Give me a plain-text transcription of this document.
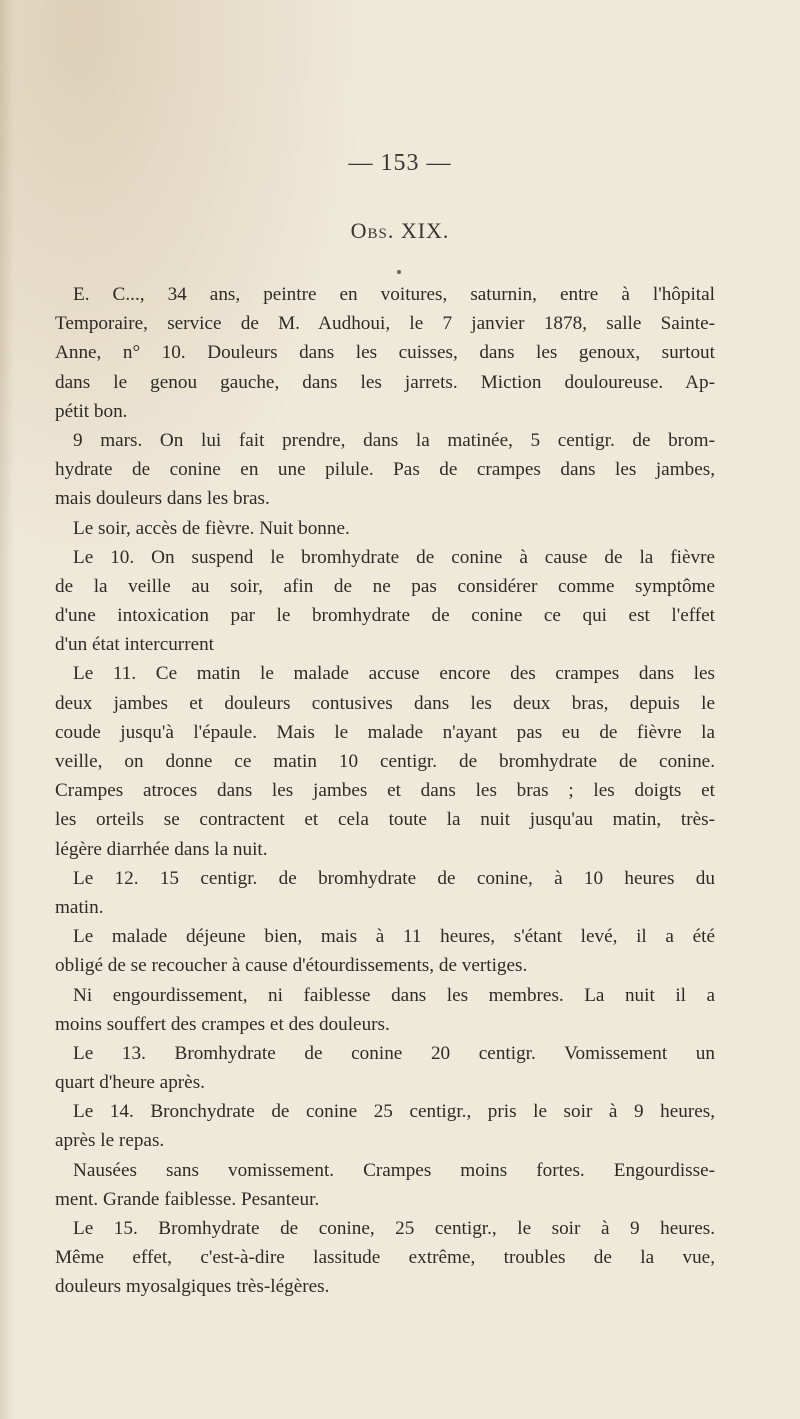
— 153 —
Obs. XIX.
E. C..., 34 ans, peintre en voitures, saturnin, entre à l'hôpital
Temporaire, service de M. Audhoui, le 7 janvier 1878, salle Sainte-
Anne, n° 10. Douleurs dans les cuisses, dans les genoux, surtout
dans le genou gauche, dans les jarrets. Miction douloureuse. Ap-
pétit bon.
9 mars. On lui fait prendre, dans la matinée, 5 centigr. de brom-
hydrate de conine en une pilule. Pas de crampes dans les jambes,
mais douleurs dans les bras.
Le soir, accès de fièvre. Nuit bonne.
Le 10. On suspend le bromhydrate de conine à cause de la fièvre
de la veille au soir, afin de ne pas considérer comme symptôme
d'une intoxication par le bromhydrate de conine ce qui est l'effet
d'un état intercurrent
Le 11. Ce matin le malade accuse encore des crampes dans les
deux jambes et douleurs contusives dans les deux bras, depuis le
coude jusqu'à l'épaule. Mais le malade n'ayant pas eu de fièvre la
veille, on donne ce matin 10 centigr. de bromhydrate de conine.
Crampes atroces dans les jambes et dans les bras ; les doigts et
les orteils se contractent et cela toute la nuit jusqu'au matin, très-
légère diarrhée dans la nuit.
Le 12. 15 centigr. de bromhydrate de conine, à 10 heures du
matin.
Le malade déjeune bien, mais à 11 heures, s'étant levé, il a été
obligé de se recoucher à cause d'étourdissements, de vertiges.
Ni engourdissement, ni faiblesse dans les membres. La nuit il a
moins souffert des crampes et des douleurs.
Le 13. Bromhydrate de conine 20 centigr. Vomissement un
quart d'heure après.
Le 14. Bronchydrate de conine 25 centigr., pris le soir à 9 heures,
après le repas.
Nausées sans vomissement. Crampes moins fortes. Engourdisse-
ment. Grande faiblesse. Pesanteur.
Le 15. Bromhydrate de conine, 25 centigr., le soir à 9 heures.
Même effet, c'est-à-dire lassitude extrême, troubles de la vue,
douleurs myosalgiques très-légères.
